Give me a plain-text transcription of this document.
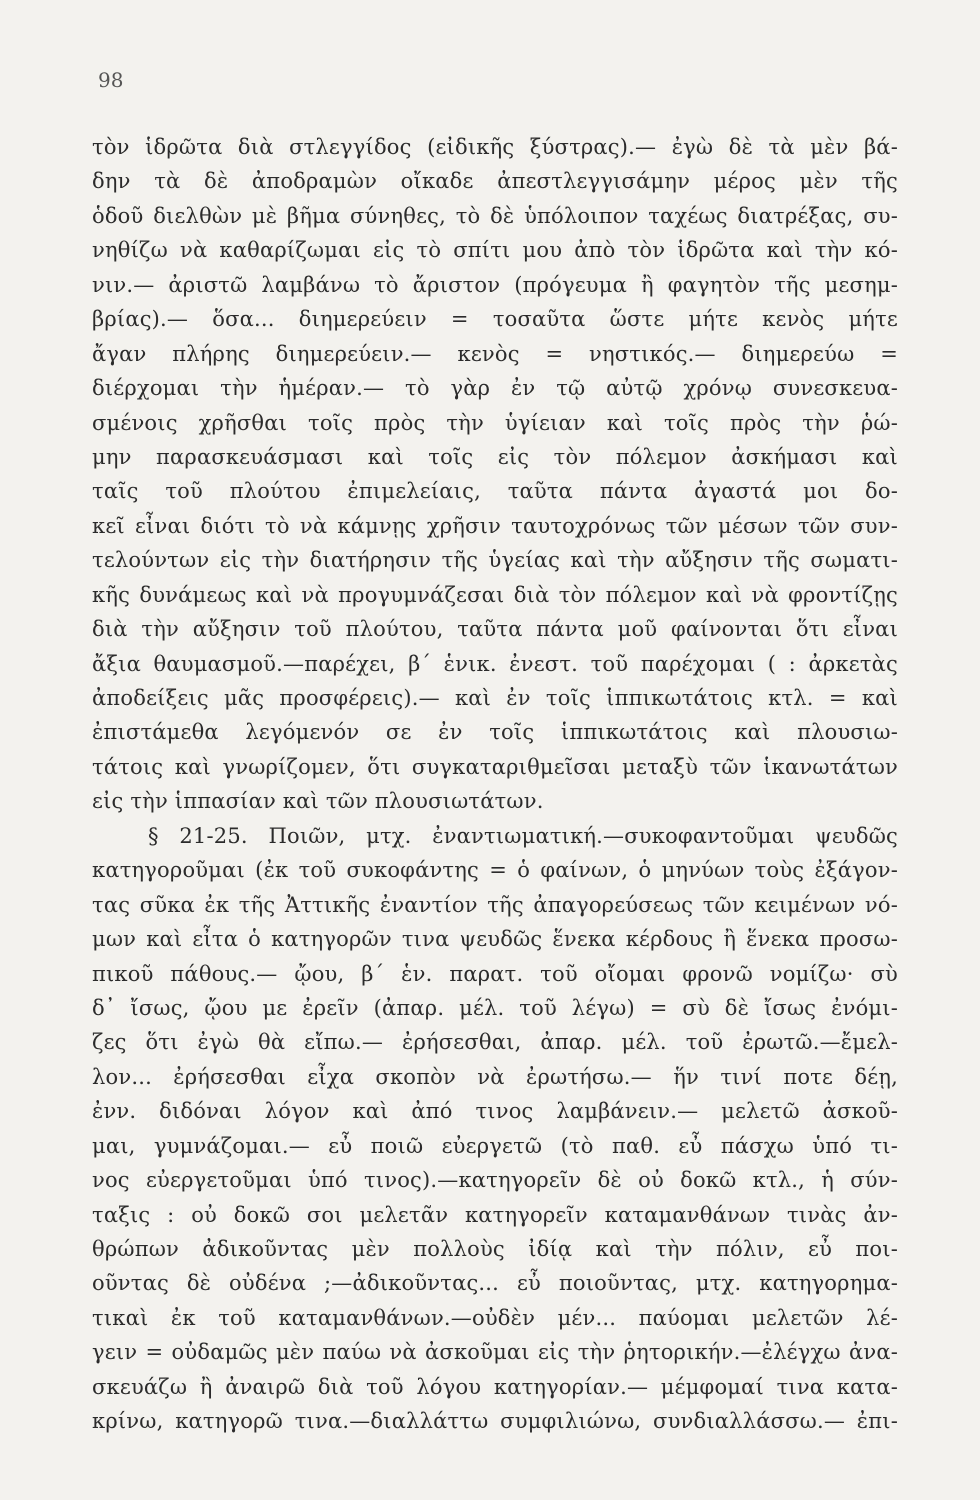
98
τὸν ἱδρῶτα διὰ στλεγγίδος (εἰδικῆς ξύστρας).— ἐγὼ δὲ τὰ μὲν βά-
δην τὰ δὲ ἀποδραμὼν οἴκαδε ἀπεστλεγγισάμην μέρος μὲν τῆς
ὁδοῦ διελθὼν μὲ βῆμα σύνηθες, τὸ δὲ ὑπόλοιπον ταχέως διατρέξας, συ-
νηθίζω νὰ καθαρίζωμαι εἰς τὸ σπίτι μου ἀπὸ τὸν ἱδρῶτα καὶ τὴν κό-
νιν.— ἀριστῶ λαμβάνω τὸ ἄριστον (πρόγευμα ἢ φαγητὸν τῆς μεσημ-
βρίας).— ὅσα... διημερεύειν = τοσαῦτα ὥστε μήτε κενὸς μήτε
ἄγαν πλήρης διημερεύειν.— κενὸς = νηστικός.— διημερεύω =
διέρχομαι τὴν ἡμέραν.— τὸ γὰρ ἐν τῷ αὐτῷ χρόνῳ συνεσκευα-
σμένοις χρῆσθαι τοῖς πρὸς τὴν ὑγίειαν καὶ τοῖς πρὸς τὴν ῥώ-
μην παρασκευάσμασι καὶ τοῖς εἰς τὸν πόλεμον ἀσκήμασι καὶ
ταῖς τοῦ πλούτου ἐπιμελείαις, ταῦτα πάντα ἀγαστά μοι δο-
κεῖ εἶναι διότι τὸ νὰ κάμνῃς χρῆσιν ταυτοχρόνως τῶν μέσων τῶν συν-
τελούντων εἰς τὴν διατήρησιν τῆς ὑγείας καὶ τὴν αὔξησιν τῆς σωματι-
κῆς δυνάμεως καὶ νὰ προγυμνάζεσαι διὰ τὸν πόλεμον καὶ νὰ φροντίζῃς
διὰ τὴν αὔξησιν τοῦ πλούτου, ταῦτα πάντα μοῦ φαίνονται ὅτι εἶναι
ἄξια θαυμασμοῦ.—παρέχει, β΄ ἑνικ. ἐνεστ. τοῦ παρέχομαι ( : ἀρκετὰς
ἀποδείξεις μᾶς προσφέρεις).— καὶ ἐν τοῖς ἱππικωτάτοις κτλ. = καὶ
ἐπιστάμεθα λεγόμενόν σε ἐν τοῖς ἱππικωτάτοις καὶ πλουσιω-
τάτοις καὶ γνωρίζομεν, ὅτι συγκαταριθμεῖσαι μεταξὺ τῶν ἱκανωτάτων
εἰς τὴν ἱππασίαν καὶ τῶν πλουσιωτάτων.
§ 21-25. Ποιῶν, μτχ. ἐναντιωματική.—συκοφαντοῦμαι ψευδῶς
κατηγοροῦμαι (ἐκ τοῦ συκοφάντης = ὁ φαίνων, ὁ μηνύων τοὺς ἐξάγον-
τας σῦκα ἐκ τῆς Ἀττικῆς ἐναντίον τῆς ἀπαγορεύσεως τῶν κειμένων νό-
μων καὶ εἶτα ὁ κατηγορῶν τινα ψευδῶς ἕνεκα κέρδους ἢ ἕνεκα προσω-
πικοῦ πάθους.— ᾤου, β΄ ἑν. παρατ. τοῦ οἴομαι φρονῶ νομίζω· σὺ
δ᾽ ἴσως, ᾤου με ἐρεῖν (ἀπαρ. μέλ. τοῦ λέγω) = σὺ δὲ ἴσως ἐνόμι-
ζες ὅτι ἐγὼ θὰ εἴπω.— ἐρήσεσθαι, ἀπαρ. μέλ. τοῦ ἐρωτῶ.—ἔμελ-
λον... ἐρήσεσθαι εἶχα σκοπὸν νὰ ἐρωτήσω.— ἥν τινί ποτε δέῃ,
ἐνν. διδόναι λόγον καὶ ἀπό τινος λαμβάνειν.— μελετῶ ἀσκοῦ-
μαι, γυμνάζομαι.— εὖ ποιῶ εὐεργετῶ (τὸ παθ. εὖ πάσχω ὑπό τι-
νος εὐεργετοῦμαι ὑπό τινος).—κατηγορεῖν δὲ οὐ δοκῶ κτλ., ἡ σύν-
ταξις : οὐ δοκῶ σοι μελετᾶν κατηγορεῖν καταμανθάνων τινὰς ἀν-
θρώπων ἀδικοῦντας μὲν πολλοὺς ἰδίᾳ καὶ τὴν πόλιν, εὖ ποι-
οῦντας δὲ οὐδένα ;—ἀδικοῦντας... εὖ ποιοῦντας, μτχ. κατηγορημα-
τικαὶ ἐκ τοῦ καταμανθάνων.—οὐδὲν μέν... παύομαι μελετῶν λέ-
γειν = οὐδαμῶς μὲν παύω νὰ ἀσκοῦμαι εἰς τὴν ῥητορικήν.—ἐλέγχω ἀνα-
σκευάζω ἢ ἀναιρῶ διὰ τοῦ λόγου κατηγορίαν.— μέμφομαί τινα κατα-
κρίνω, κατηγορῶ τινα.—διαλλάττω συμφιλιώνω, συνδιαλλάσσω.— ἐπι-
